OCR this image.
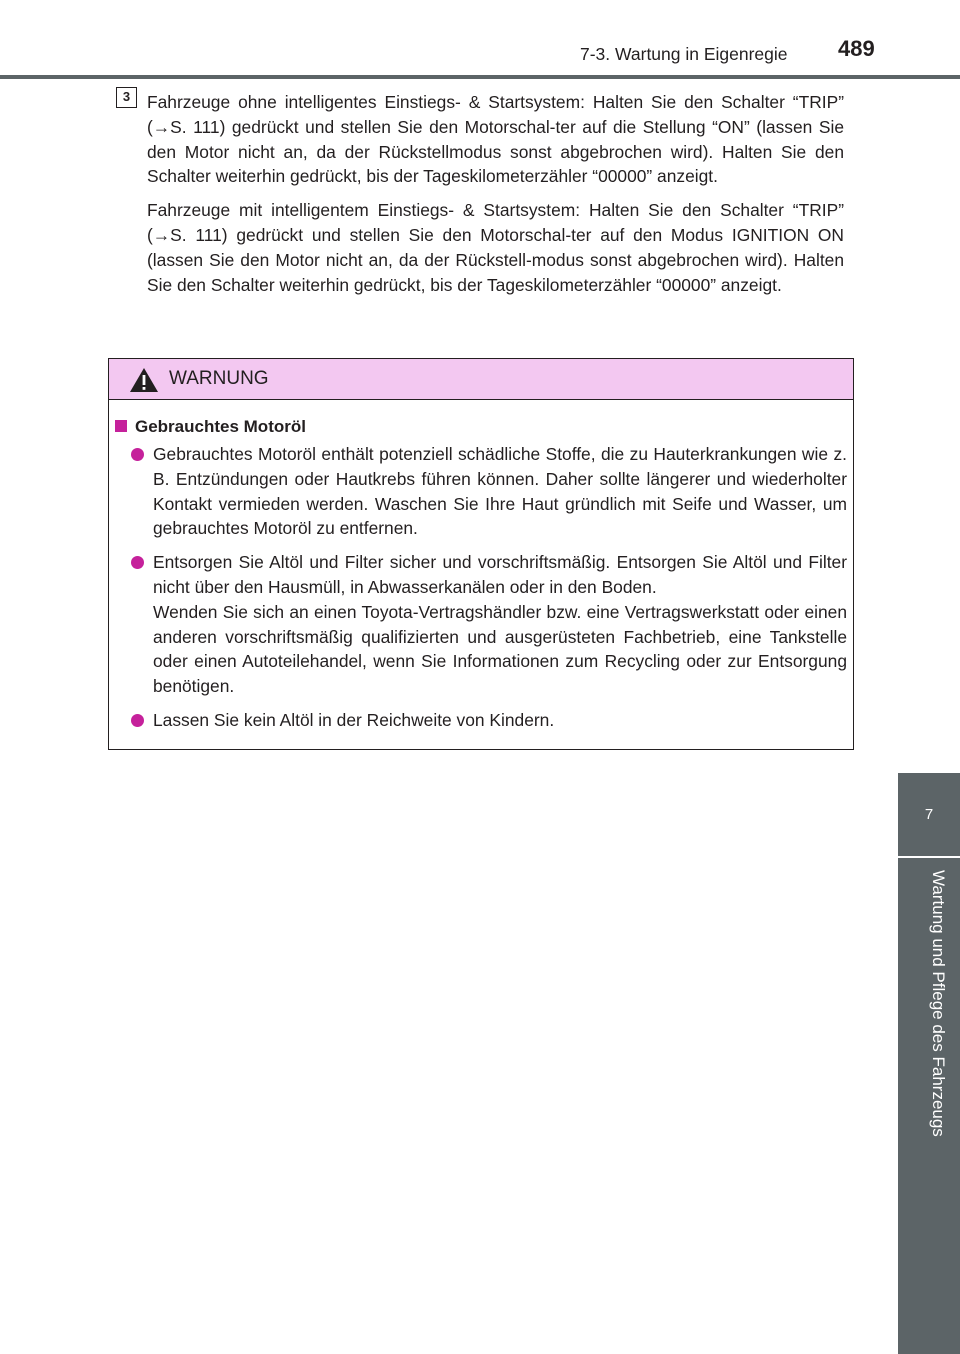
7-3. Wartung in Eigenregie 489
7
Wartung und Pflege des Fahrzeugs
3 Fahrzeuge ohne intelligentes Einstiegs- & Startsystem: Halten Sie den Schalter “TRIP” (→S. 111) gedrückt und stellen Sie den Motorschal-ter auf die Stellung “ON” (lassen Sie den Motor nicht an, da der Rückstellmodus sonst abgebrochen wird). Halten Sie den Schalter weiterhin gedrückt, bis der Tageskilometerzähler “00000” anzeigt.

Fahrzeuge mit intelligentem Einstiegs- & Startsystem: Halten Sie den Schalter “TRIP” (→S. 111) gedrückt und stellen Sie den Motorschal-ter auf den Modus IGNITION ON (lassen Sie den Motor nicht an, da der Rückstell-modus sonst abgebrochen wird). Halten Sie den Schalter weiterhin gedrückt, bis der Tageskilometerzähler “00000” anzeigt.

WARNUNG
Gebrauchtes Motoröl
Gebrauchtes Motoröl enthält potenziell schädliche Stoffe, die zu Hauterkrankungen wie z. B. Entzündungen oder Hautkrebs führen können. Daher sollte längerer und wiederholter Kontakt vermieden werden. Waschen Sie Ihre Haut gründlich mit Seife und Wasser, um gebrauchtes Motoröl zu entfernen.
Entsorgen Sie Altöl und Filter sicher und vorschriftsmäßig. Entsorgen Sie Altöl und Filter nicht über den Hausmüll, in Abwasserkanälen oder in den Boden.
Wenden Sie sich an einen Toyota-Vertragshändler bzw. eine Vertragswerkstatt oder einen anderen vorschriftsmäßig qualifizierten und ausgerüsteten Fachbetrieb, eine Tankstelle oder einen Autoteilehandel, wenn Sie Informationen zum Recycling oder zur Entsorgung benötigen.
Lassen Sie kein Altöl in der Reichweite von Kindern.
